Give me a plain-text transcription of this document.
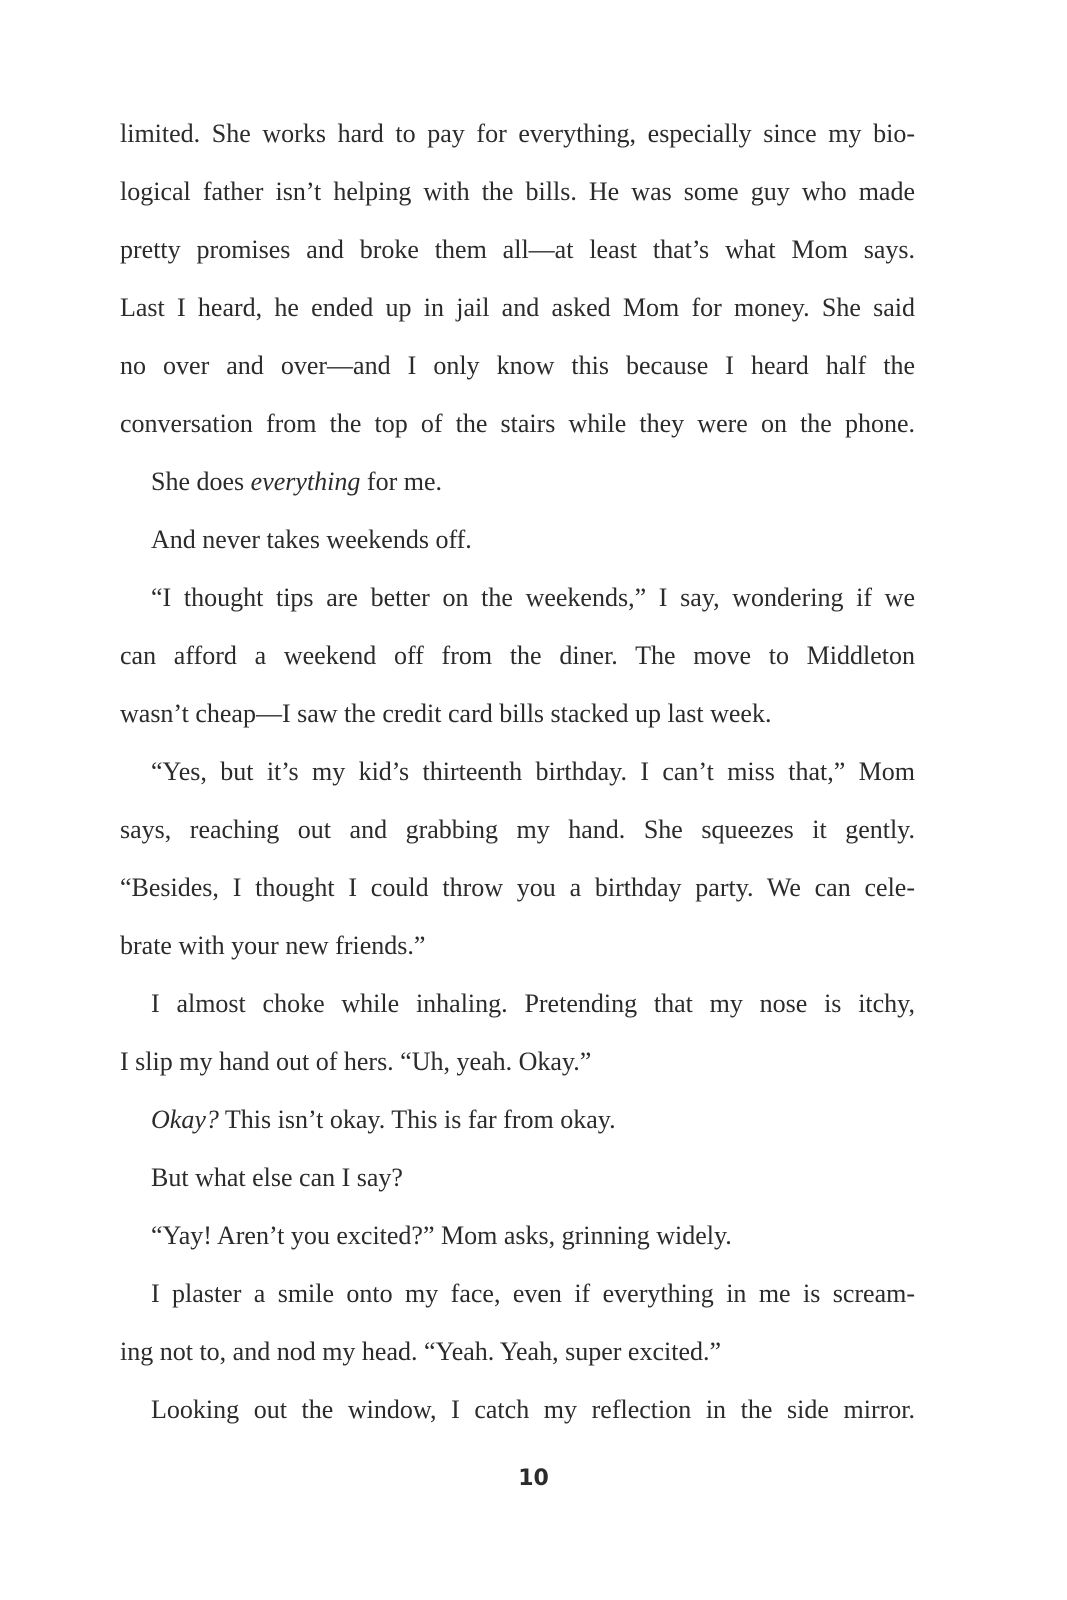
limited. She works hard to pay for everything, especially since my bio-
logical father isn’t helping with the bills. He was some guy who made
pretty promises and broke them all—at least that’s what Mom says.
Last I heard, he ended up in jail and asked Mom for money. She said
no over and over—and I only know this because I heard half the
conversation from the top of the stairs while they were on the phone.
She does everything for me.
And never takes weekends off.
“I thought tips are better on the weekends,” I say, wondering if we
can afford a weekend off from the diner. The move to Middleton
wasn’t cheap—I saw the credit card bills stacked up last week.
“Yes, but it’s my kid’s thirteenth birthday. I can’t miss that,” Mom
says, reaching out and grabbing my hand. She squeezes it gently.
“Besides, I thought I could throw you a birthday party. We can cele-
brate with your new friends.”
I almost choke while inhaling. Pretending that my nose is itchy,
I slip my hand out of hers. “Uh, yeah. Okay.”
Okay? This isn’t okay. This is far from okay.
But what else can I say?
“Yay! Aren’t you excited?” Mom asks, grinning widely.
I plaster a smile onto my face, even if everything in me is scream-
ing not to, and nod my head. “Yeah. Yeah, super excited.”
Looking out the window, I catch my reflection in the side mirror.
10
